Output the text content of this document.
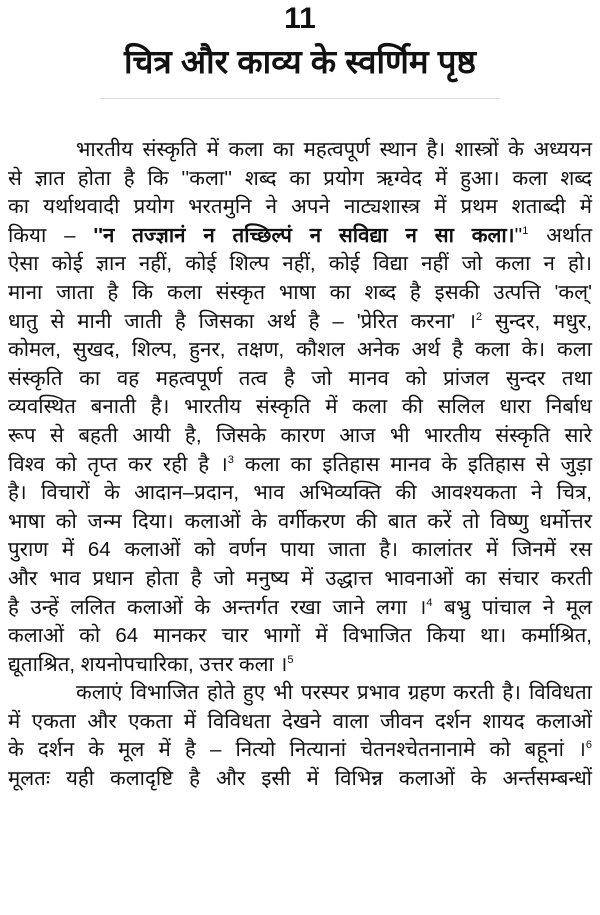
11
चित्र और काव्य के स्वर्णिम पृष्ठ
भारतीय संस्कृति में कला का महत्वपूर्ण स्थान है। शास्त्रों के अध्ययन
से ज्ञात होता है कि ''कला'' शब्द का प्रयोग ऋग्वेद में हुआ। कला शब्द
का यर्थाथवादी प्रयोग भरतमुनि ने अपने नाट्यशास्त्र में प्रथम शताब्दी में
किया – ''न तज्ज्ञानं न तच्छिल्पं न सविद्या न सा $कला।''^1$ अर्थात
ऐसा कोई ज्ञान नहीं, कोई शिल्प नहीं, कोई विद्या नहीं जो कला न हो।
माना जाता है कि कला संस्कृत भाषा का शब्द है इसकी उत्पत्ति 'कल्'
धातु से मानी जाती है जिसका अर्थ है – 'प्रेरित करना' ।$^2$ सुन्दर, मधुर,
कोमल, सुखद, शिल्प, हुनर, तक्षण, कौशल अनेक अर्थ है कला के। कला
संस्कृति का वह महत्वपूर्ण तत्व है जो मानव को प्रांजल सुन्दर तथा
व्यवस्थित बनाती है। भारतीय संस्कृति में कला की सलिल धारा निर्बाध
रूप से बहती आयी है, जिसके कारण आज भी भारतीय संस्कृति सारे
विश्व को तृप्त कर रही है ।$^3$ कला का इतिहास मानव के इतिहास से जुड़ा
है। विचारों के आदान–प्रदान, भाव अभिव्यक्ति की आवश्यकता ने चित्र,
भाषा को जन्म दिया। कलाओं के वर्गीकरण की बात करें तो विष्णु धर्मोत्तर
पुराण में 64 कलाओं को वर्णन पाया जाता है। कालांतर में जिनमें रस
और भाव प्रधान होता है जो मनुष्य में उद्धात्त भावनाओं का संचार करती
है उन्हें ललित कलाओं के अन्तर्गत रखा जाने लगा ।$^4$ बभ्रु पांचाल ने मूल
कलाओं को 64 मानकर चार भागों में विभाजित किया था। कर्माश्रित,
द्यूताश्रित, शयनोपचारिका, उत्तर कला ।$^5$
कलाएं विभाजित होते हुए भी परस्पर प्रभाव ग्रहण करती है। विविधता
में एकता और एकता में विविधता देखने वाला जीवन दर्शन शायद कलाओं
के दर्शन के मूल में है – नित्यो नित्यानां चेतनश्चेतनानामे को बहूनां ।$^6$
मूलतः यही कलादृष्टि है और इसी में विभिन्न कलाओं के अर्न्तसम्बन्धों
